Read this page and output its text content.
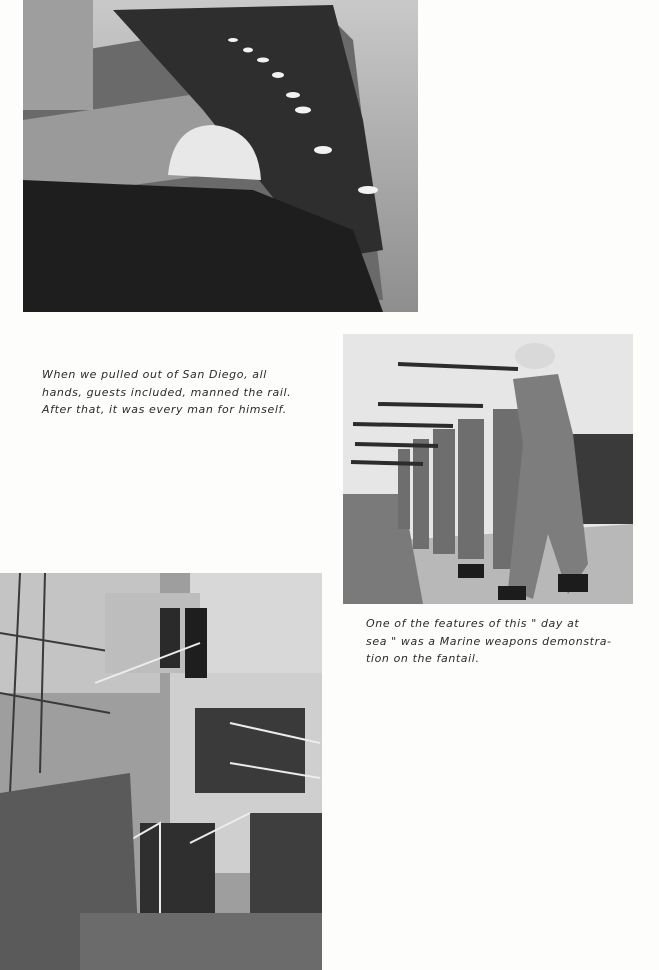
When we pulled out of San Diego, all
hands, guests included, manned the rail.
After that, it was every man for himself.
One of the features of this " day at
sea " was a Marine weapons demonstra-
tion on the fantail.
